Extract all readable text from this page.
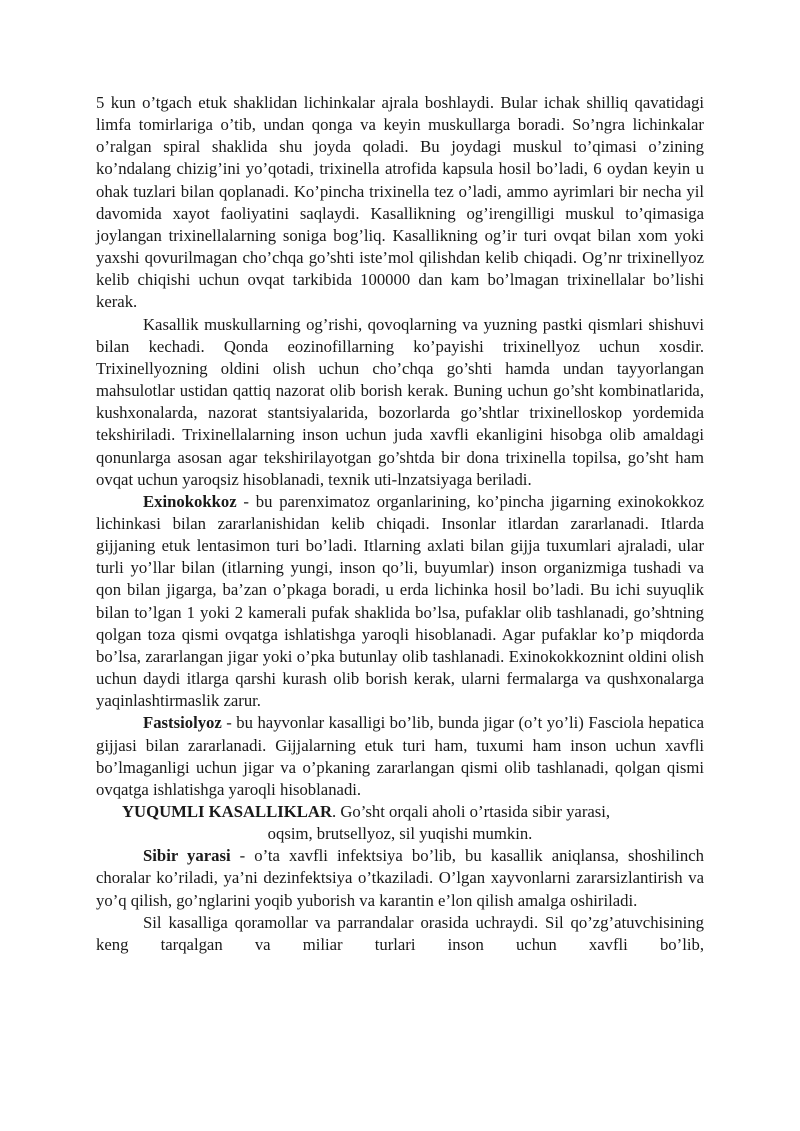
5 kun o’tgach etuk shaklidan lichinkalar ajrala boshlaydi. Bular ichak shilliq qavatidagi limfa tomirlariga o’tib, undan qonga va keyin muskullarga boradi. So’ngra lichinkalar o’ralgan spiral shaklida shu joyda qoladi. Bu joydagi muskul to’qimasi o’zining ko’ndalang chizig’ini yo’qotadi, trixinella atrofida kapsula hosil bo’ladi, 6 oydan keyin u ohak tuzlari bilan qoplanadi. Ko’pincha trixinella tez o’ladi, ammo ayrimlari bir necha yil davomida xayot faoliyatini saqlaydi. Kasallikning og’irengilligi muskul to’qimasiga joylangan trixinellalarning soniga bog’liq. Kasallikning og’ir turi ovqat bilan xom yoki yaxshi qovurilmagan cho’chqa go’shti iste’mol qilishdan kelib chiqadi. Og’nr trixinellyoz kelib chiqishi uchun ovqat tarkibida 100000 dan kam bo’lmagan trixinellalar bo’lishi kerak.

Kasallik muskullarning og’rishi, qovoqlarning va yuzning pastki qismlari shishuvi bilan kechadi. Qonda eozinofillarning ko’payishi trixinellyoz uchun xosdir. Trixinellyozning oldini olish uchun cho’chqa go’shti hamda undan tayyorlangan mahsulotlar ustidan qattiq nazorat olib borish kerak. Buning uchun go’sht kombinatlarida, kushxonalarda, nazorat stantsiyalarida, bozorlarda go’shtlar trixinelloskop yordemida tekshiriladi. Trixinellalarning inson uchun juda xavfli ekanligini hisobga olib amaldagi qonunlarga asosan agar tekshirilayotgan go’shtda bir dona trixinella topilsa, go’sht ham ovqat uchun yaroqsiz hisoblanadi, texnik uti-lnzatsiyaga beriladi.

Exinokokkoz - bu parenximatoz organlarining, ko’pincha jigarning exinokokkoz lichinkasi bilan zararlanishidan kelib chiqadi. Insonlar itlardan zararlanadi. Itlarda gijjaning etuk lentasimon turi bo’ladi. Itlarning axlati bilan gijja tuxumlari ajraladi, ular turli yo’llar bilan (itlarning yungi, inson qo’li, buyumlar) inson organizmiga tushadi va qon bilan jigarga, ba’zan o’pkaga boradi, u erda lichinka hosil bo’ladi. Bu ichi suyuqlik bilan to’lgan 1 yoki 2 kamerali pufak shaklida bo’lsa, pufaklar olib tashlanadi, go’shtning qolgan toza qismi ovqatga ishlatishga yaroqli hisoblanadi. Agar pufaklar ko’p miqdorda bo’lsa, zararlangan jigar yoki o’pka butunlay olib tashlanadi. Exinokokkoznint oldini olish uchun daydi itlarga qarshi kurash olib borish kerak, ularni fermalarga va qushxonalarga yaqinlashtirmaslik zarur.

Fastsiolyoz - bu hayvonlar kasalligi bo’lib, bunda jigar (o’t yo’li) Fasciola hepatica gijjasi bilan zararlanadi. Gijjalarning etuk turi ham, tuxumi ham inson uchun xavfli bo’lmaganligi uchun jigar va o’pkaning zararlangan qismi olib tashlanadi, qolgan qismi ovqatga ishlatishga yaroqli hisoblanadi.

YUQUMLI KASALLIKLAR. Go’sht orqali aholi o’rtasida sibir yarasi,

oqsim, brutsellyoz, sil yuqishi mumkin.

Sibir yarasi - o’ta xavfli infektsiya bo’lib, bu kasallik aniqlansa, shoshilinch choralar ko’riladi, ya’ni dezinfektsiya o’tkaziladi. O’lgan xayvonlarni zararsizlantirish va yo’q qilish, go’nglarini yoqib yuborish va karantin e’lon qilish amalga oshiriladi.

Sil kasalliga qoramollar va parrandalar orasida uchraydi. Sil qo’zg’atuvchisining keng tarqalgan va miliar turlari inson uchun xavfli bo’lib,
